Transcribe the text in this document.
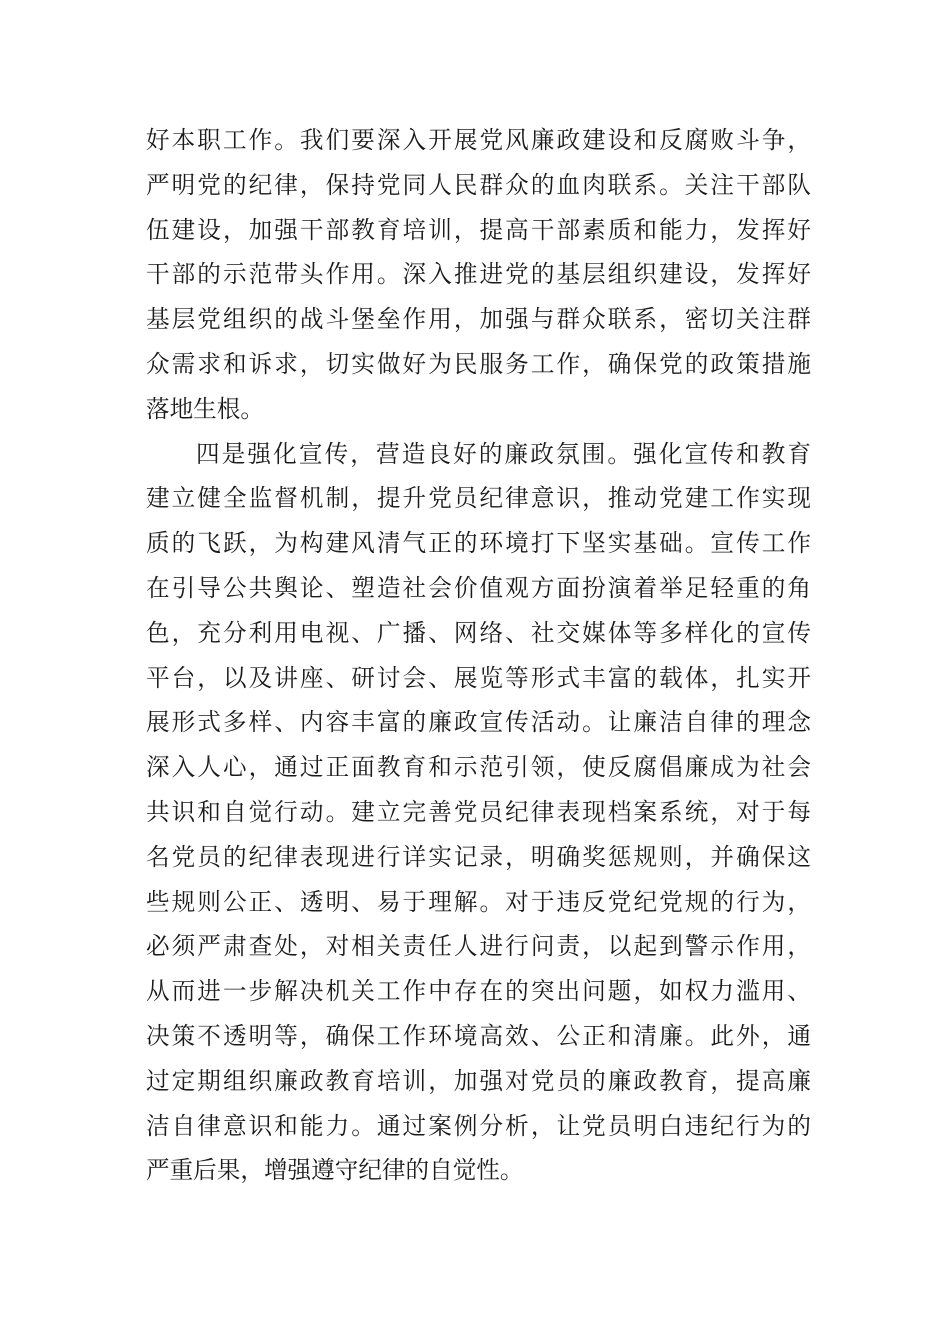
好本职工作。我们要深入开展党风廉政建设和反腐败斗争，
严明党的纪律，保持党同人民群众的血肉联系。关注干部队
伍建设，加强干部教育培训，提高干部素质和能力，发挥好
干部的示范带头作用。深入推进党的基层组织建设，发挥好
基层党组织的战斗堡垒作用，加强与群众联系，密切关注群
众需求和诉求，切实做好为民服务工作，确保党的政策措施
落地生根。
四是强化宣传，营造良好的廉政氛围。强化宣传和教育
建立健全监督机制，提升党员纪律意识，推动党建工作实现
质的飞跃，为构建风清气正的环境打下坚实基础。宣传工作
在引导公共舆论、塑造社会价值观方面扮演着举足轻重的角
色，充分利用电视、广播、网络、社交媒体等多样化的宣传
平台，以及讲座、研讨会、展览等形式丰富的载体，扎实开
展形式多样、内容丰富的廉政宣传活动。让廉洁自律的理念
深入人心，通过正面教育和示范引领，使反腐倡廉成为社会
共识和自觉行动。建立完善党员纪律表现档案系统，对于每
名党员的纪律表现进行详实记录，明确奖惩规则，并确保这
些规则公正、透明、易于理解。对于违反党纪党规的行为，
必须严肃查处，对相关责任人进行问责，以起到警示作用，
从而进一步解决机关工作中存在的突出问题，如权力滥用、
决策不透明等，确保工作环境高效、公正和清廉。此外，通
过定期组织廉政教育培训，加强对党员的廉政教育，提高廉
洁自律意识和能力。通过案例分析，让党员明白违纪行为的
严重后果，增强遵守纪律的自觉性。
